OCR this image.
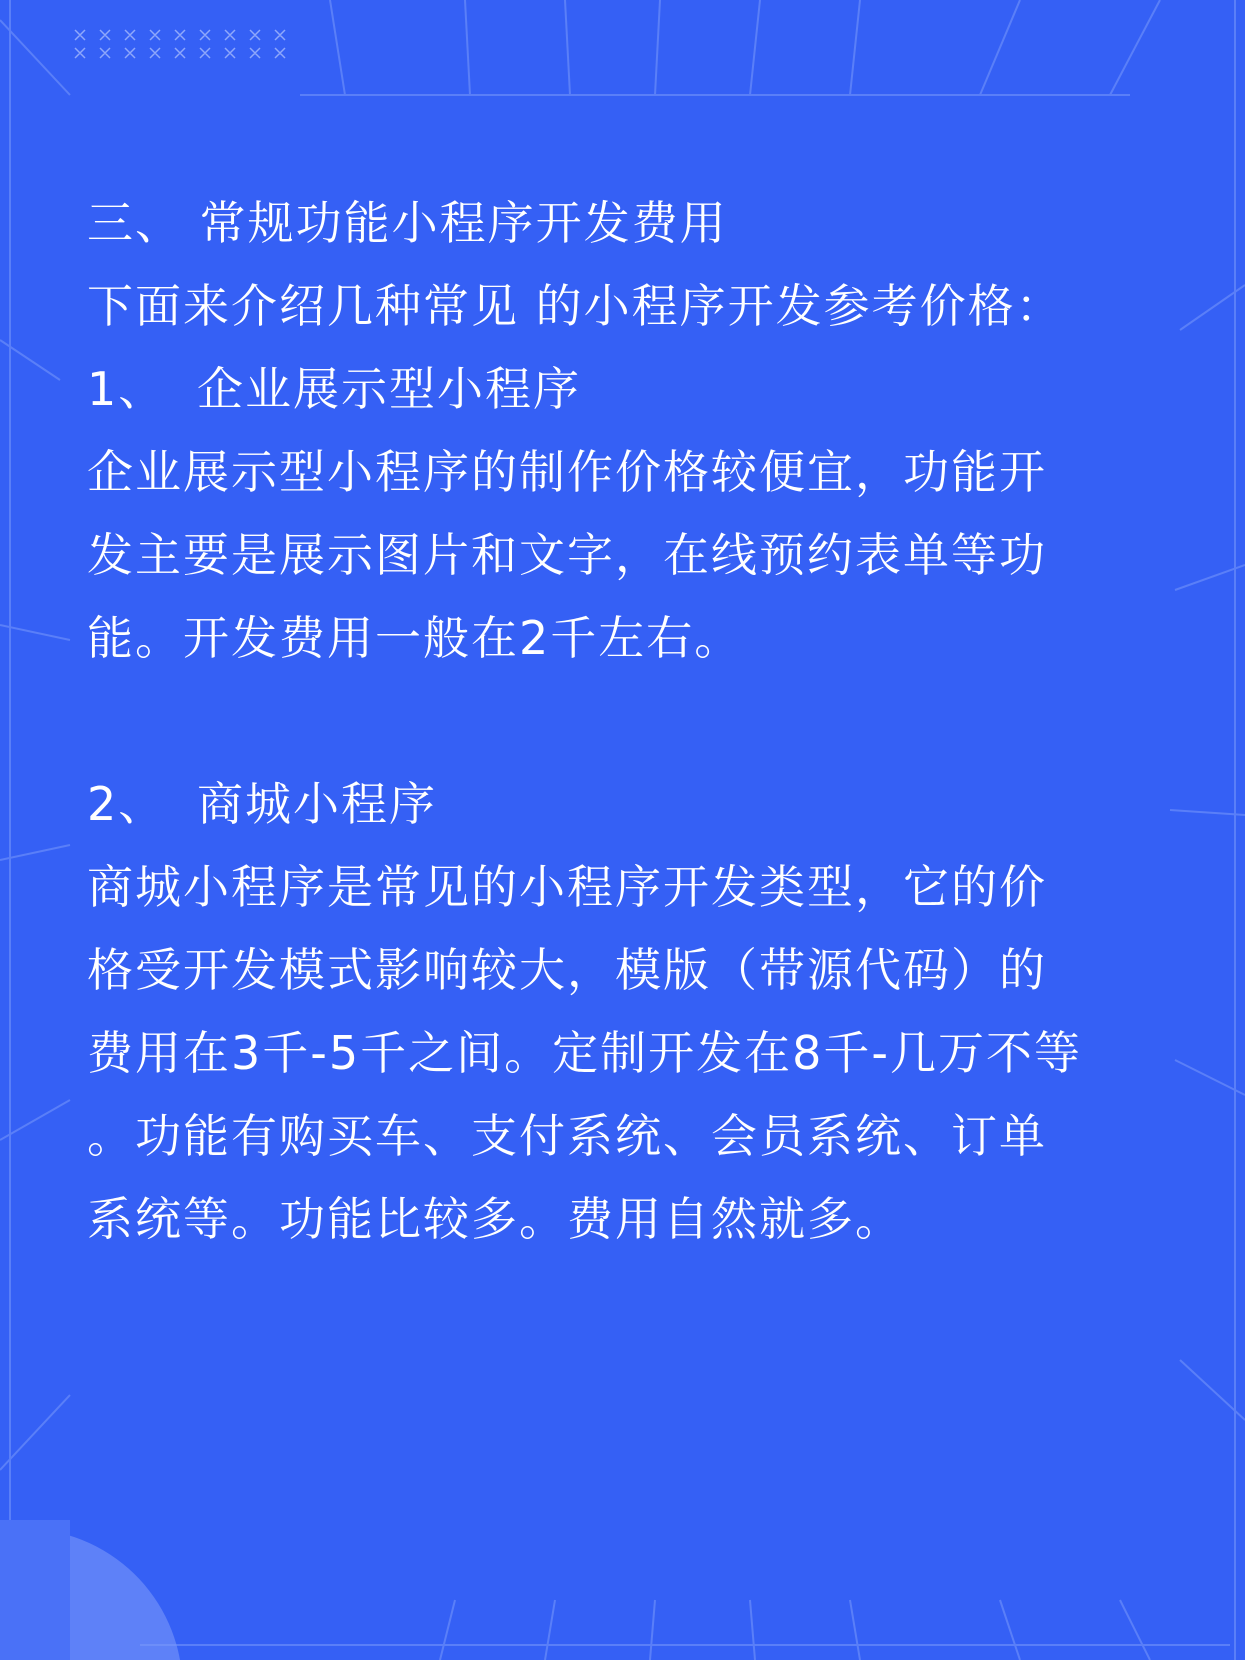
三、 常规功能小程序开发费用
下面来介绍几种常见 的小程序开发参考价格：
1、 企业展示型小程序
企业展示型小程序的制作价格较便宜，功能开
发主要是展示图片和文字，在线预约表单等功
能。开发费用一般在2千左右。
2、 商城小程序
商城小程序是常见的小程序开发类型，它的价
格受开发模式影响较大，模版（带源代码）的
费用在3千-5千之间。定制开发在8千-几万不等
。功能有购买车、支付系统、会员系统、订单
系统等。功能比较多。费用自然就多。
